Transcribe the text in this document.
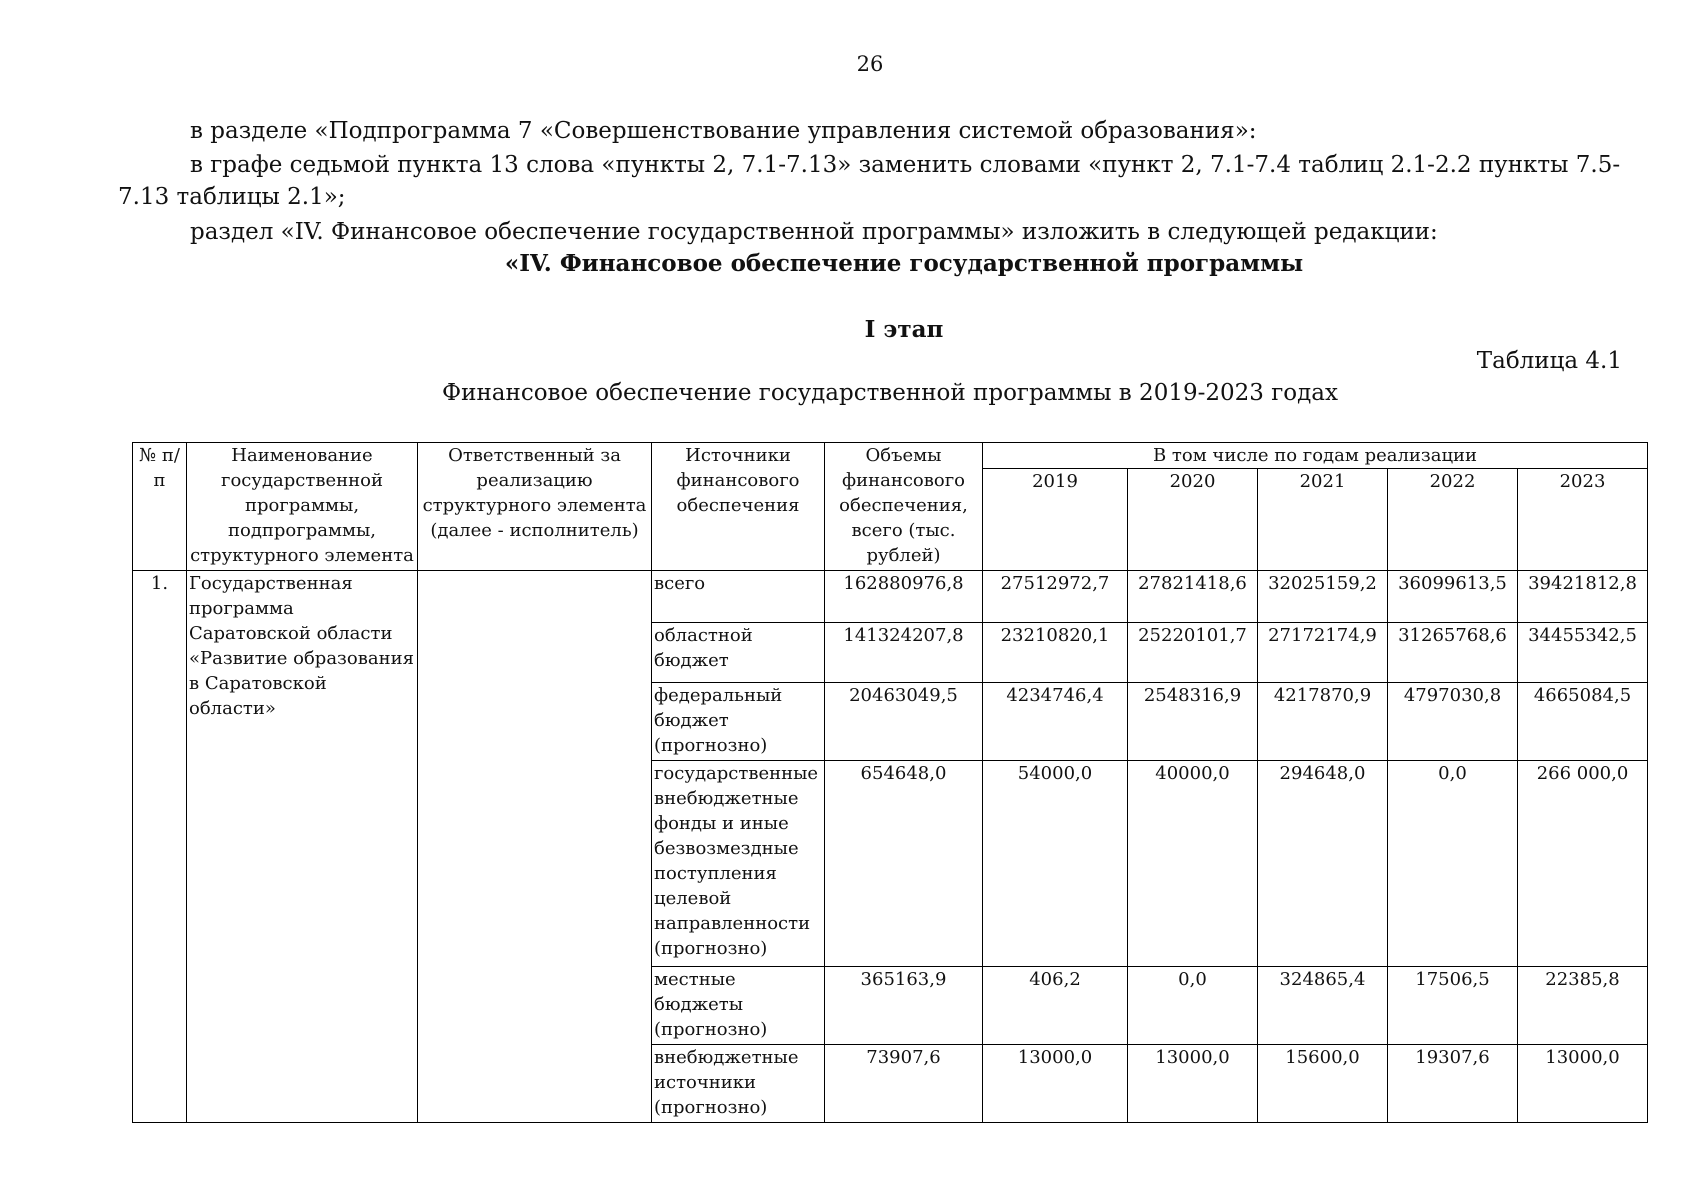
26
в разделе «Подпрограмма 7 «Совершенствование управления системой образования»:
в графе седьмой пункта 13 слова «пункты 2, 7.1-7.13» заменить словами «пункт 2, 7.1-7.4 таблиц 2.1-2.2 пункты 7.5-
7.13 таблицы 2.1»;
раздел «IV. Финансовое обеспечение государственной программы» изложить в следующей редакции:
«IV. Финансовое обеспечение государственной программы
I этап
Таблица 4.1
Финансовое обеспечение государственной программы в 2019-2023 годах
№ п/п	Наименование государственной программы, подпрограммы, структурного элемента	Ответственный за реализацию структурного элемента (далее - исполнитель)	Источники финансового обеспечения	Объемы финансового обеспечения, всего (тыс. рублей)	В том числе по годам реализации				
					2019	2020	2021	2022	2023
1.	Государственная программа Саратовской области «Развитие образования в Саратовской области»		всего	162880976,8	27512972,7	27821418,6	32025159,2	36099613,5	39421812,8
			областной бюджет	141324207,8	23210820,1	25220101,7	27172174,9	31265768,6	34455342,5
			федеральный бюджет (прогнозно)	20463049,5	4234746,4	2548316,9	4217870,9	4797030,8	4665084,5
			государственные внебюджетные фонды и иные безвозмездные поступления целевой направленности (прогнозно)	654648,0	54000,0	40000,0	294648,0	0,0	266 000,0
			местные бюджеты (прогнозно)	365163,9	406,2	0,0	324865,4	17506,5	22385,8
			внебюджетные источники (прогнозно)	73907,6	13000,0	13000,0	15600,0	19307,6	13000,0
